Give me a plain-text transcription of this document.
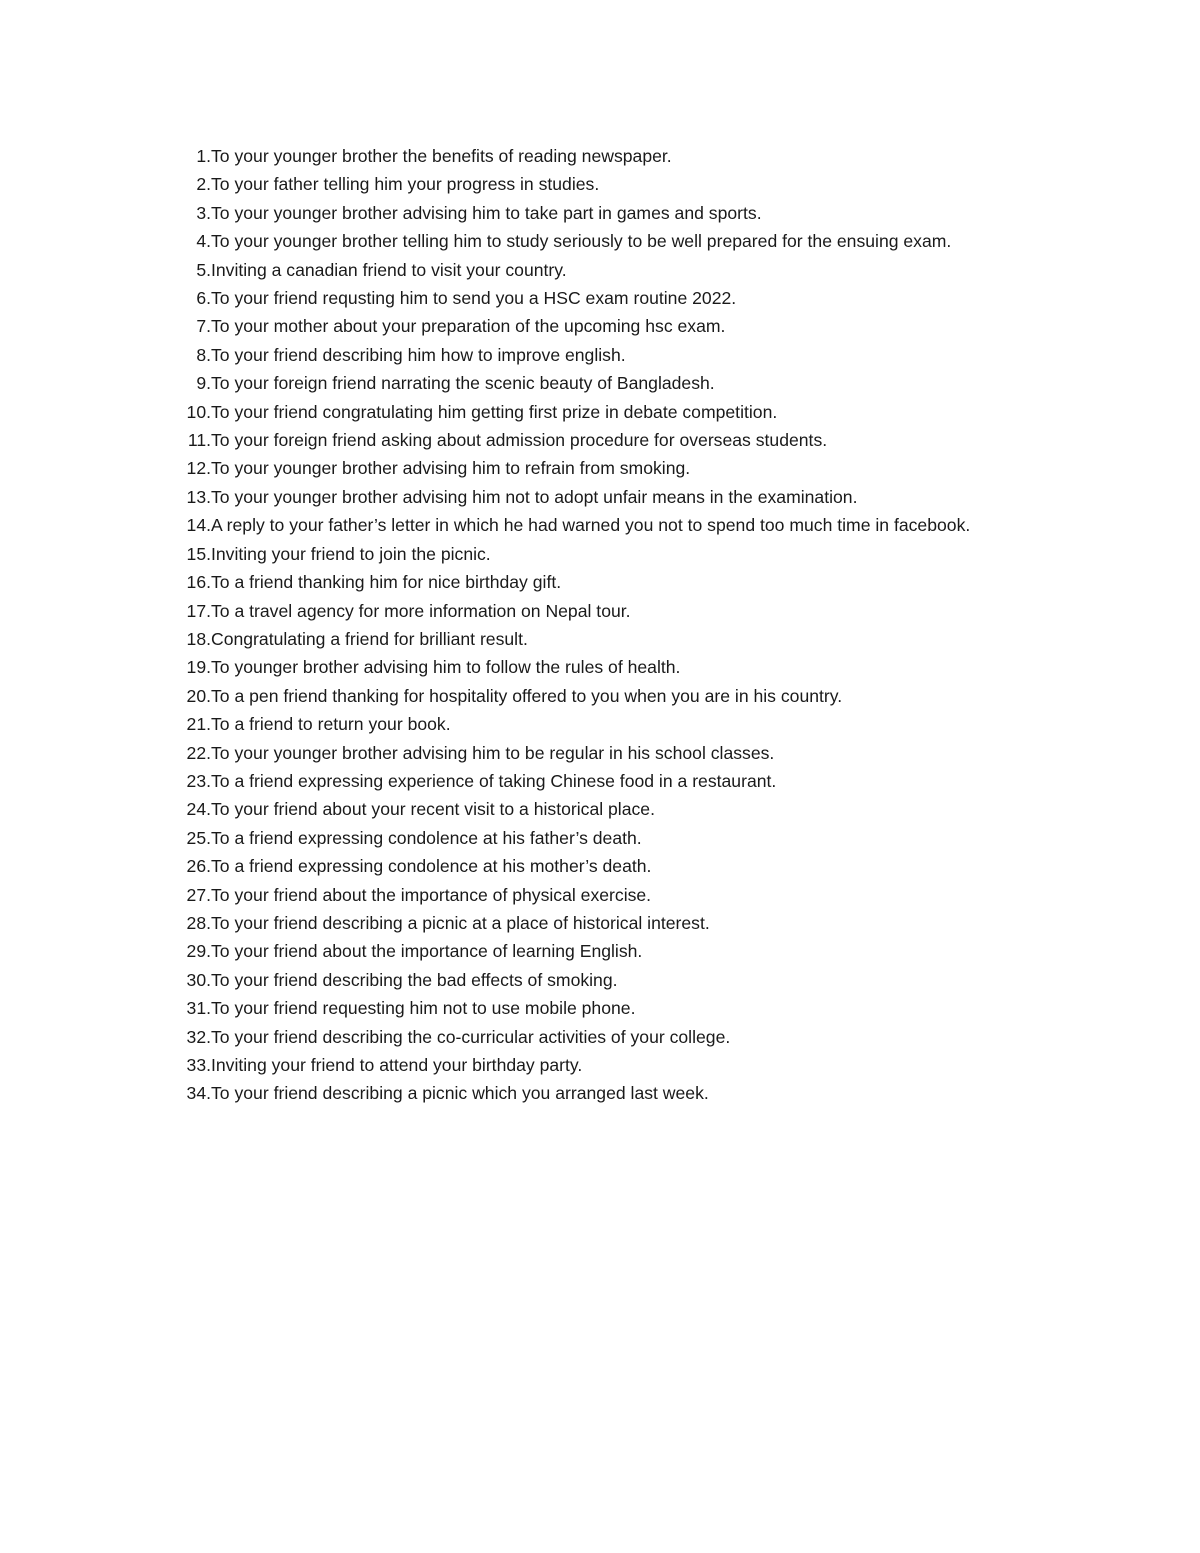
1. To your younger brother the benefits of reading newspaper.
2. To your father telling him your progress in studies.
3. To your younger brother advising him to take part in games and sports.
4. To your younger brother telling him to study seriously to be well prepared for the ensuing exam.
5. Inviting a canadian friend to visit your country.
6. To your friend requsting him to send you a HSC exam routine 2022.
7. To your mother about your preparation of the upcoming hsc exam.
8. To your friend describing him how to improve english.
9. To your foreign friend narrating the scenic beauty of Bangladesh.
10. To your friend congratulating him getting first prize in debate competition.
11. To your foreign friend asking about admission procedure for overseas students.
12. To your younger brother advising him to refrain from smoking.
13. To your younger brother advising him not to adopt unfair means in the examination.
14. A reply to your father’s letter in which he had warned you not to spend too much time in facebook.
15. Inviting your friend to join the picnic.
16. To a friend thanking him for nice birthday gift.
17. To a travel agency for more information on Nepal tour.
18. Congratulating a friend for brilliant result.
19. To younger brother advising him to follow the rules of health.
20. To a pen friend thanking for hospitality offered to you when you are in his country.
21. To a friend to return your book.
22. To your younger brother advising him to be regular in his school classes.
23. To a friend expressing experience of taking Chinese food in a restaurant.
24. To your friend about your recent visit to a historical place.
25. To a friend expressing condolence at his father’s death.
26. To a friend expressing condolence at his mother’s death.
27. To your friend about the importance of physical exercise.
28. To your friend describing a picnic at a place of historical interest.
29. To your friend about the importance of learning English.
30. To your friend describing the bad effects of smoking.
31. To your friend requesting him not to use mobile phone.
32. To your friend describing the co-curricular activities of your college.
33. Inviting your friend to attend your birthday party.
34. To your friend describing a picnic which you arranged last week.
